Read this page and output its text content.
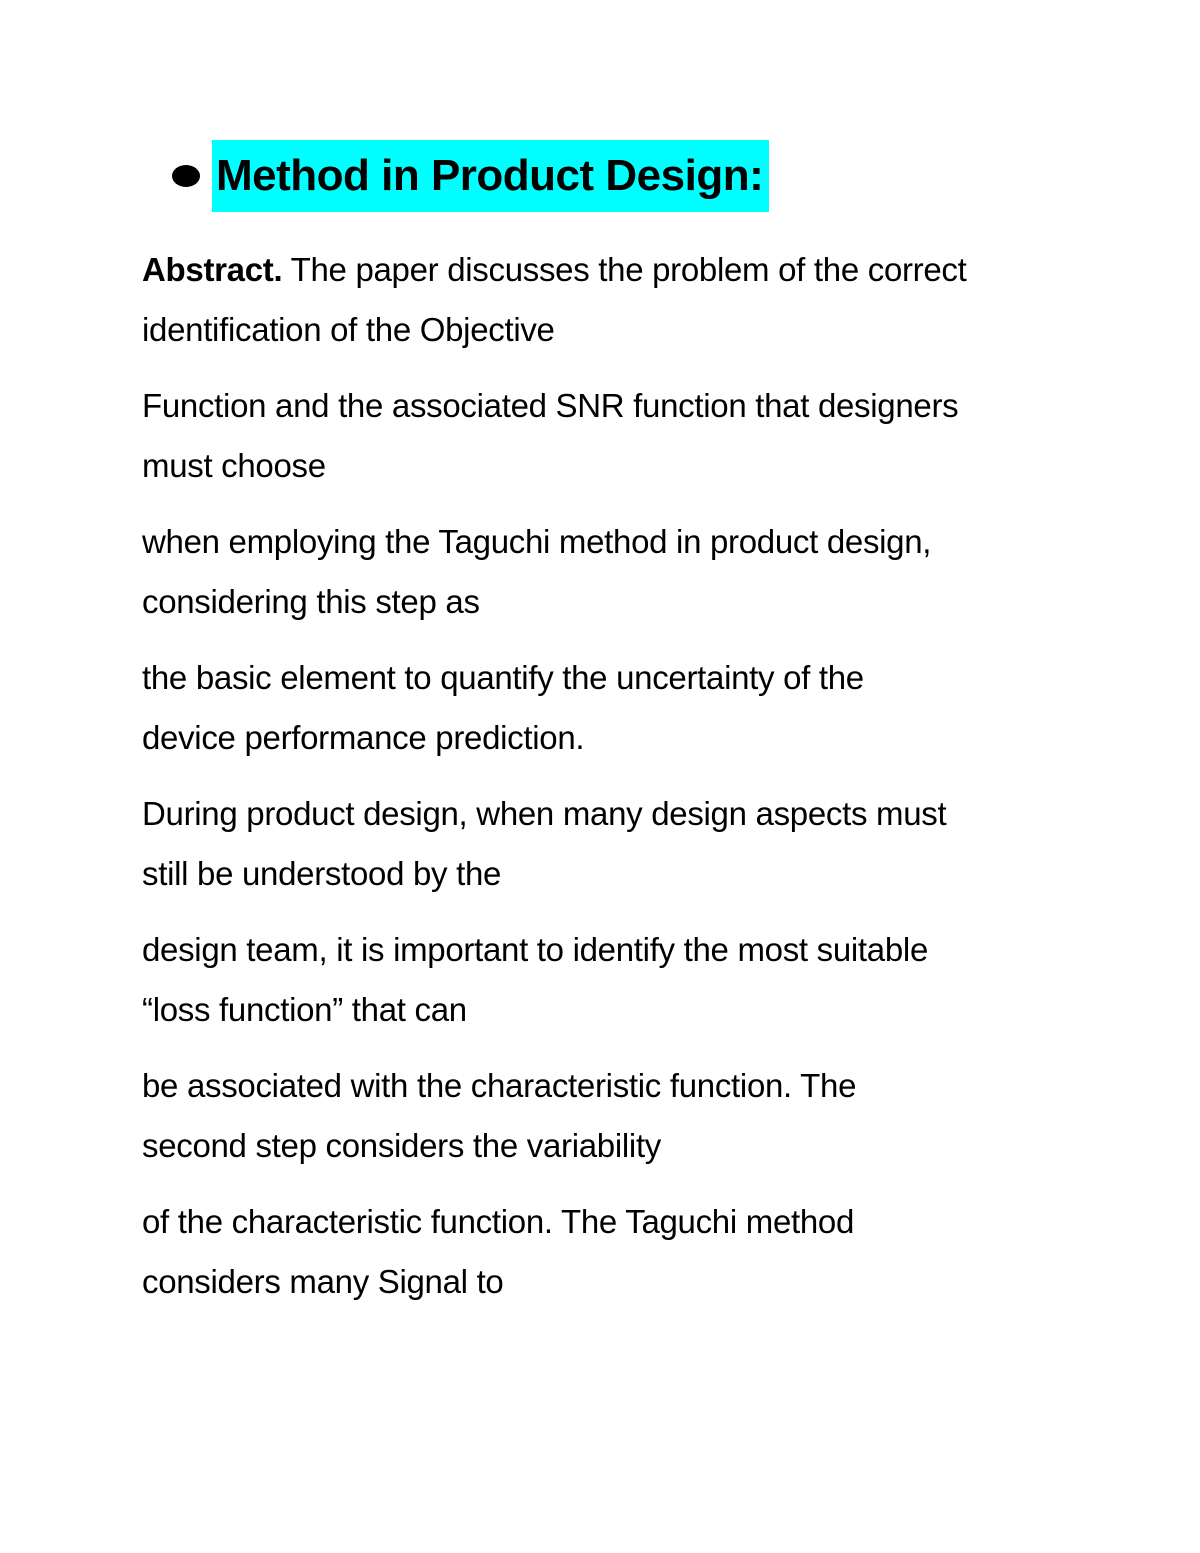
Method in Product Design:

Abstract. The paper discusses the problem of the correct
identification of the Objective

Function and the associated SNR function that designers
must choose

when employing the Taguchi method in product design,
considering this step as

the basic element to quantify the uncertainty of the
device performance prediction.

During product design, when many design aspects must
still be understood by the

design team, it is important to identify the most suitable
“loss function” that can

be associated with the characteristic function. The
second step considers the variability

of the characteristic function. The Taguchi method
considers many Signal to
